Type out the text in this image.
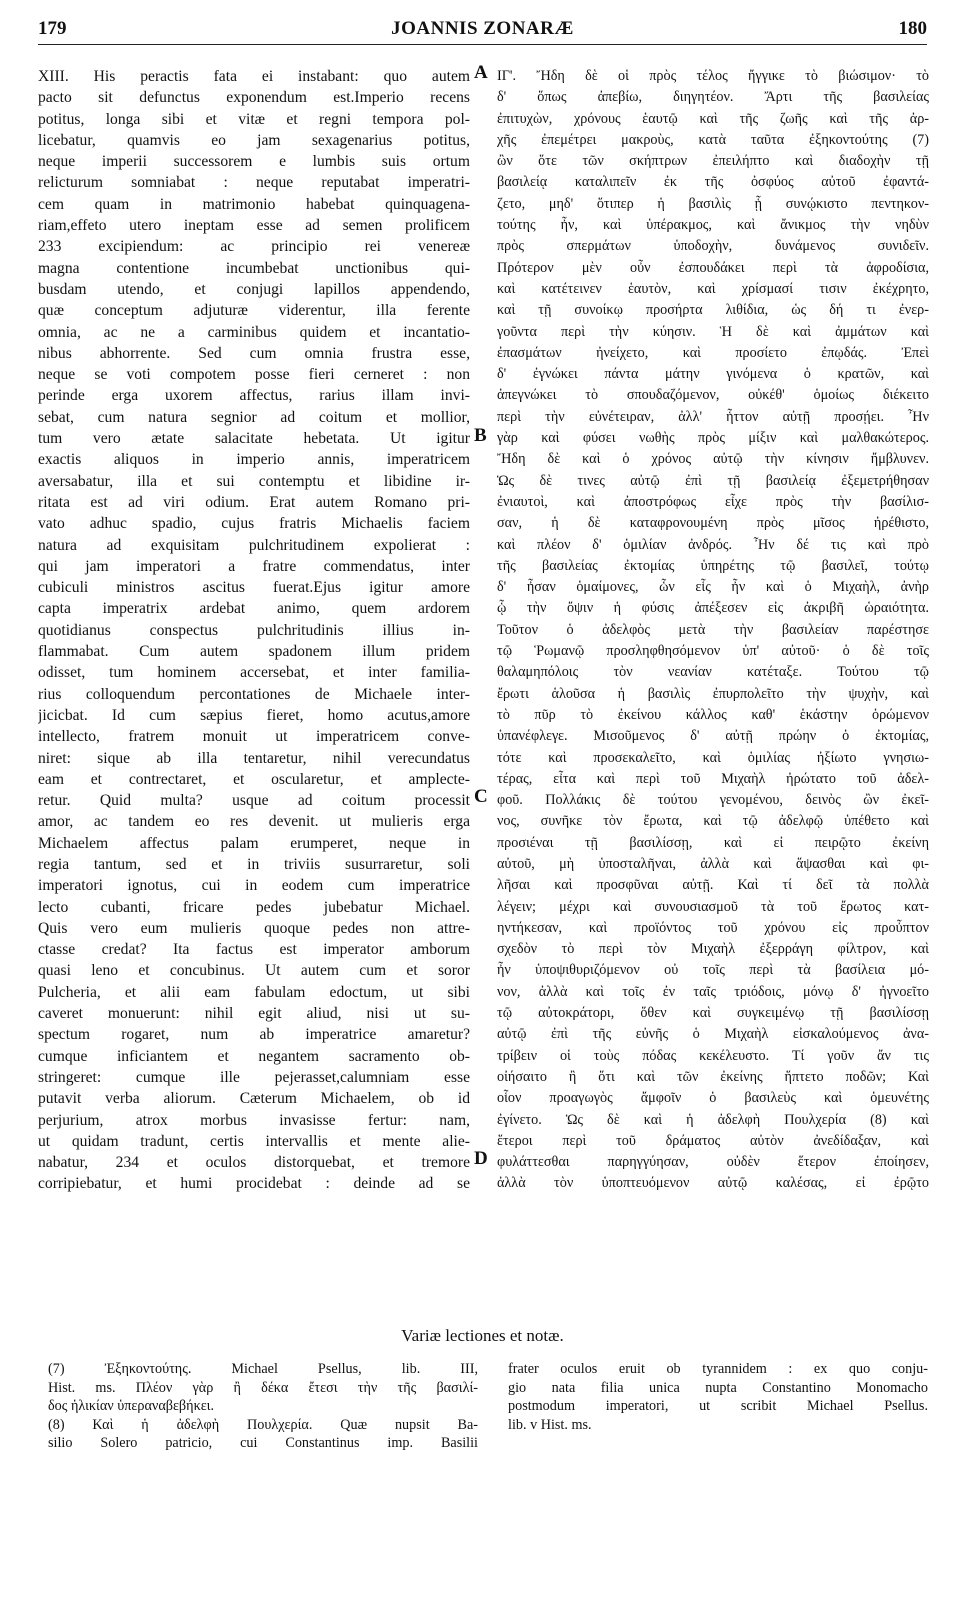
179	JOANNIS ZONARÆ	180
XIII. His peractis fata ei instabant: quo autem
pacto sit defunctus exponendum est.Imperio recens
potitus, longa sibi et vitæ et regni tempora pol-
licebatur, quamvis eo jam sexagenarius potitus,
neque imperii successorem e lumbis suis ortum
relicturum somniabat : neque reputabat imperatri-
cem quam in matrimonio habebat quinquagena-
riam,effeto utero ineptam esse ad semen prolificem
233 excipiendum: ac principio rei venereæ
magna contentione incumbebat unctionibus qui-
busdam utendo, et conjugi lapillos appendendo,
quæ conceptum adjuturæ viderentur, illa ferente
omnia, ac ne a carminibus quidem et incantatio-
nibus abhorrente. Sed cum omnia frustra esse,
neque se voti compotem posse fieri cerneret : non
perinde erga uxorem affectus, rarius illam invi-
sebat, cum natura segnior ad coitum et mollior,
tum vero ætate salacitate hebetata. Ut igitur
exactis aliquos in imperio annis, imperatricem
aversabatur, illa et sui contemptu et libidine ir-
ritata est ad viri odium. Erat autem Romano pri-
vato adhuc spadio, cujus fratris Michaelis faciem
natura ad exquisitam pulchritudinem expolierat :
qui jam imperatori a fratre commendatus, inter
cubiculi ministros ascitus fuerat.Ejus igitur amore
capta imperatrix ardebat animo, quem ardorem
quotidianus conspectus pulchritudinis illius in-
flammabat. Cum autem spadonem illum pridem
odisset, tum hominem accersebat, et inter familia-
rius colloquendum percontationes de Michaele inter-
jicicbat. Id cum sæpius fieret, homo acutus,amore
intellecto, fratrem monuit ut imperatricem conve-
niret: sique ab illa tentaretur, nihil verecundatus
eam et contrectaret, et oscularetur, et amplecte-
retur. Quid multa? usque ad coitum processit
amor, ac tandem eo res devenit. ut mulieris erga
Michaelem affectus palam erumperet, neque in
regia tantum, sed et in triviis susurraretur, soli
imperatori ignotus, cui in eodem cum imperatrice
lecto cubanti, fricare pedes jubebatur Michael.
Quis vero eum mulieris quoque pedes non attre-
ctasse credat? Ita factus est imperator amborum
quasi leno et concubinus. Ut autem cum et soror
Pulcheria, et alii eam fabulam edoctum, ut sibi
caveret monuerunt: nihil egit aliud, nisi ut su-
spectum rogaret, num ab imperatrice amaretur?
cumque inficiantem et negantem sacramento ob-
stringeret: cumque ille pejerasset,calumniam esse
putavit verba aliorum. Cæterum Michaelem, ob id
perjurium, atrox morbus invasisse fertur: nam,
ut quidam tradunt, certis intervallis et mente alie-
nabatur, 234 et oculos distorquebat, et tremore
corripiebatur, et humi procidebat : deinde ad se
ΙΓ'. Ἤδη δὲ οἱ πρὸς τέλος ἤγγικε τὸ βιώσιμον· τὸ
δ' ὅπως ἀπεβίω, διηγητέον. Ἄρτι τῆς βασιλείας
ἐπιτυχὼν, χρόνους ἑαυτῷ καὶ τῆς ζωῆς καὶ τῆς ἀρ-
χῆς ἐπεμέτρει μακροὺς, κατὰ ταῦτα ἐξηκοντούτης (7)
ὢν ὅτε τῶν σκήπτρων ἐπειλήπτο καὶ διαδοχὴν τῇ
βασιλείᾳ καταλιπεῖν ἐκ τῆς ὀσφύος αὐτοῦ ἐφαντά-
ζετο, μηδ' ὅτιπερ ἡ βασιλὶς ᾗ συνῴκιστο πεντηκον-
τούτης ἦν, καὶ ὑπέρακμος, καὶ ἄνικμος τὴν νηδὺν
πρὸς σπερμάτων ὑποδοχὴν, δυνάμενος συνιδεῖν.
Πρότερον μὲν οὖν ἐσπουδάκει περὶ τὰ ἀφροδίσια,
καὶ κατέτεινεν ἑαυτὸν, καὶ χρίσμασί τισιν ἐκέχρητο,
καὶ τῇ συνοίκῳ προσήρτα λιθίδια, ὡς δή τι ἐνερ-
γοῦντα περὶ τὴν κύησιν. Ἡ δὲ καὶ ἀμμάτων καὶ
ἐπασμάτων ἠνείχετο, καὶ προσίετο ἐπῳδάς. Ἐπεὶ
δ' ἐγνώκει πάντα μάτην γινόμενα ὁ κρατῶν, καὶ
ἀπεγνώκει τὸ σπουδαζόμενον, οὐκέθ' ὁμοίως διέκειτο
περὶ τὴν εὐνέτειραν, ἀλλ' ἧττον αὐτῇ προσῄει. Ἦν
γὰρ καὶ φύσει νωθὴς πρὸς μίξιν καὶ μαλθακώτερος.
Ἤδη δὲ καὶ ὁ χρόνος αὐτῷ τὴν κίνησιν ἤμβλυνεν.
Ὡς δὲ τινες αὐτῷ ἐπὶ τῇ βασιλείᾳ ἐξεμετρήθησαν
ἐνιαυτοὶ, καὶ ἀποστρόφως εἶχε πρὸς τὴν βασίλισ-
σαν, ἡ δὲ καταφρονουμένη πρὸς μῖσος ἠρέθιστο,
καὶ πλέον δ' ὁμιλίαν ἀνδρός. Ἦν δέ τις καὶ πρὸ
τῆς βασιλείας ἐκτομίας ὑπηρέτης τῷ βασιλεῖ, τούτῳ
δ' ἦσαν ὁμαίμονες, ὧν εἷς ἦν καὶ ὁ Μιχαὴλ, ἀνὴρ
ᾧ τὴν ὄψιν ἡ φύσις ἀπέξεσεν εἰς ἀκριβῆ ὡραιότητα.
Τοῦτον ὁ ἀδελφὸς μετὰ τὴν βασιλείαν παρέστησε
τῷ Ῥωμανῷ προσληφθησόμενον ὑπ' αὐτοῦ· ὁ δὲ τοῖς
θαλαμηπόλοις τὸν νεανίαν κατέταξε. Τούτου τῷ
ἔρωτι ἁλοῦσα ἡ βασιλὶς ἐπυρπολεῖτο τὴν ψυχὴν, καὶ
τὸ πῦρ τὸ ἐκείνου κάλλος καθ' ἑκάστην ὁρώμενον
ὑπανέφλεγε. Μισοῦμενος δ' αὐτῇ πρώην ὁ ἐκτομίας,
τότε καὶ προσεκαλεῖτο, καὶ ὁμιλίας ἠξίωτο γνησιω-
τέρας, εἶτα καὶ περὶ τοῦ Μιχαὴλ ἠρώτατο τοῦ ἀδελ-
φοῦ. Πολλάκις δὲ τούτου γενομένου, δεινὸς ὢν ἐκεῖ-
νος, συνῆκε τὸν ἔρωτα, καὶ τῷ ἀδελφῷ ὑπέθετο καὶ
προσιέναι τῇ βασιλίσσῃ, καὶ εἰ πειρῷτο ἐκείνη
αὐτοῦ, μὴ ὑποσταλῆναι, ἀλλὰ καὶ ἅψασθαι καὶ φι-
λῆσαι καὶ προσφῦναι αὐτῇ. Καὶ τί δεῖ τὰ πολλὰ
λέγειν; μέχρι καὶ συνουσιασμοῦ τὰ τοῦ ἔρωτος κατ-
ηντήκεσαν, καὶ προϊόντος τοῦ χρόνου εἰς προὖπτον
σχεδὸν τὸ περὶ τὸν Μιχαὴλ ἐξερράγη φίλτρον, καὶ
ἦν ὑποψιθυριζόμενον οὐ τοῖς περὶ τὰ βασίλεια μό-
νον, ἀλλὰ καὶ τοῖς ἐν ταῖς τριόδοις, μόνῳ δ' ἠγνοεῖτο
τῷ αὐτοκράτορι, ὅθεν καὶ συγκειμένῳ τῇ βασιλίσσῃ
αὐτῷ ἐπὶ τῆς εὐνῆς ὁ Μιχαὴλ εἰσκαλούμενος ἀνα-
τρίβειν οἱ τοὺς πόδας κεκέλευστο. Τί γοῦν ἄν τις
οἰήσαιτο ἢ ὅτι καὶ τῶν ἐκείνης ἥπτετο ποδῶν; Καὶ
οἷον προαγωγὸς ἄμφοῖν ὁ βασιλεὺς καὶ ὁμευνέτης
ἐγίνετο. Ὡς δὲ καὶ ἡ ἀδελφὴ Πουλχερία (8) καὶ
ἕτεροι περὶ τοῦ δράματος αὐτὸν ἀνεδίδαξαν, καὶ
φυλάττεσθαι παρηγγύησαν, οὐδὲν ἕτερον ἐποίησεν,
ἀλλὰ τὸν ὑποπτευόμενον αὐτῷ καλέσας, εἰ ἐρῷτο
A
B
C
D
Variæ lectiones et notæ.
(7) Ἐξηκοντούτης. Michael Psellus, lib. III,
Hist. ms. Πλέον γὰρ ἢ δέκα ἔτεσι τὴν τῆς βασιλί-
δος ἡλικίαν ὑπεραναβεβήκει.
(8) Καὶ ἡ ἀδελφὴ Πουλχερία. Quæ nupsit Ba-
silio Solero patricio, cui Constantinus imp. Basilii
frater oculos eruit ob tyrannidem : ex quo conju-
gio nata filia unica nupta Constantino Monomacho
postmodum imperatori, ut scribit Michael Psellus.
lib. v Hist. ms.
